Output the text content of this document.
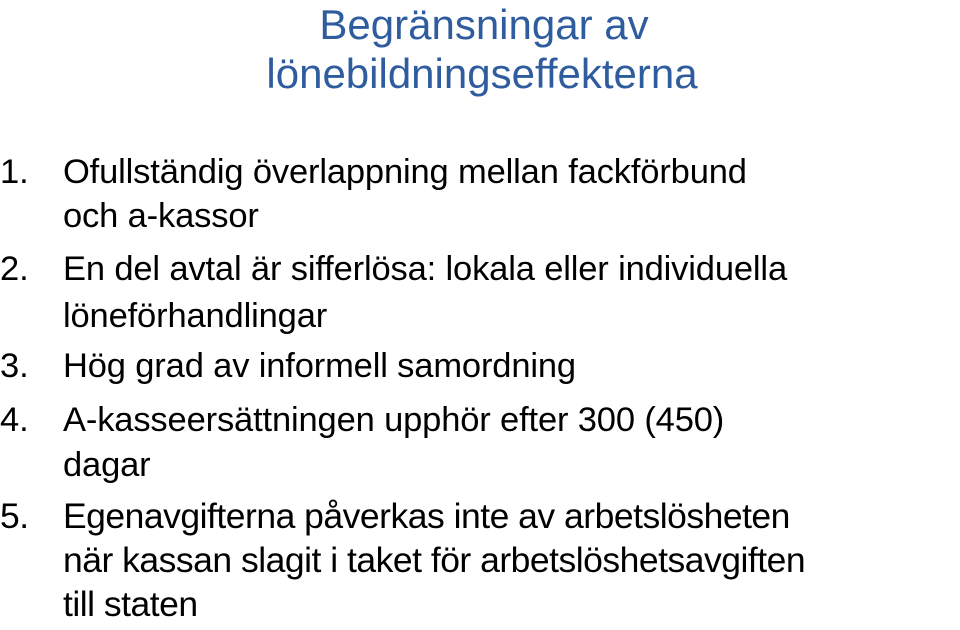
Begränsningar av
lönebildningseffekterna
1. Ofullständig överlappning mellan fackförbund
och a-kassor
2. En del avtal är sifferlösa: lokala eller individuella
löneförhandlingar
3. Hög grad av informell samordning
4. A-kasseersättningen upphör efter 300 (450)
dagar
5. Egenavgifterna påverkas inte av arbetslösheten
när kassan slagit i taket för arbetslöshetsavgiften
till staten
